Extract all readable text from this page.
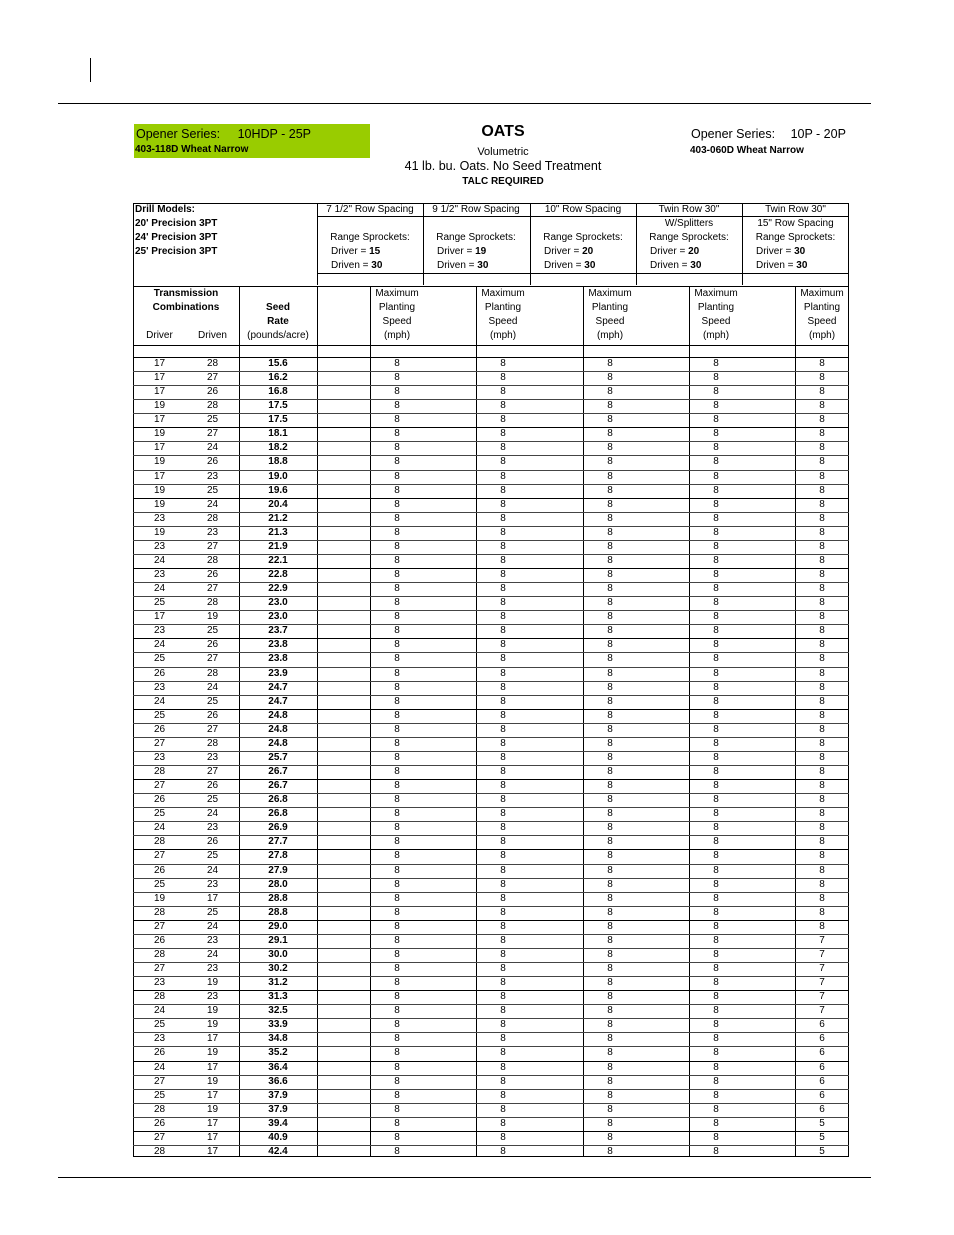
Opener Series: 10HDP - 25P
403-118D Wheat Narrow
OATS
Volumetric
41 lb. bu. Oats. No Seed Treatment
TALC REQUIRED
Opener Series: 10P - 20P
403-060D Wheat Narrow
Drill Models:
20' Precision 3PT
24' Precision 3PT
25' Precision 3PT
7 1/2" Row Spacing
Range Sprockets:
Driver = 15
Driven = 30
9 1/2" Row Spacing
Range Sprockets:
Driver = 19
Driven = 30
10" Row Spacing
Range Sprockets:
Driver = 20
Driven = 30
Twin Row 30"
W/Splitters
Range Sprockets:
Driver = 20
Driven = 30
Twin Row 30"
15" Row Spacing
Range Sprockets:
Driver = 30
Driven = 30
Transmission
Combinations
Driver	Driven
Seed
Rate
(pounds/acre)
Maximum
Planting
Speed
(mph)
Maximum
Planting
Speed
(mph)
Maximum
Planting
Speed
(mph)
Maximum
Planting
Speed
(mph)
Maximum
Planting
Speed
(mph)
17	28	15.6	8	8	8	8	8
17	27	16.2	8	8	8	8	8
17	26	16.8	8	8	8	8	8
19	28	17.5	8	8	8	8	8
17	25	17.5	8	8	8	8	8
19	27	18.1	8	8	8	8	8
17	24	18.2	8	8	8	8	8
19	26	18.8	8	8	8	8	8
17	23	19.0	8	8	8	8	8
19	25	19.6	8	8	8	8	8
19	24	20.4	8	8	8	8	8
23	28	21.2	8	8	8	8	8
19	23	21.3	8	8	8	8	8
23	27	21.9	8	8	8	8	8
24	28	22.1	8	8	8	8	8
23	26	22.8	8	8	8	8	8
24	27	22.9	8	8	8	8	8
25	28	23.0	8	8	8	8	8
17	19	23.0	8	8	8	8	8
23	25	23.7	8	8	8	8	8
24	26	23.8	8	8	8	8	8
25	27	23.8	8	8	8	8	8
26	28	23.9	8	8	8	8	8
23	24	24.7	8	8	8	8	8
24	25	24.7	8	8	8	8	8
25	26	24.8	8	8	8	8	8
26	27	24.8	8	8	8	8	8
27	28	24.8	8	8	8	8	8
23	23	25.7	8	8	8	8	8
28	27	26.7	8	8	8	8	8
27	26	26.7	8	8	8	8	8
26	25	26.8	8	8	8	8	8
25	24	26.8	8	8	8	8	8
24	23	26.9	8	8	8	8	8
28	26	27.7	8	8	8	8	8
27	25	27.8	8	8	8	8	8
26	24	27.9	8	8	8	8	8
25	23	28.0	8	8	8	8	8
19	17	28.8	8	8	8	8	8
28	25	28.8	8	8	8	8	8
27	24	29.0	8	8	8	8	8
26	23	29.1	8	8	8	8	7
28	24	30.0	8	8	8	8	7
27	23	30.2	8	8	8	8	7
23	19	31.2	8	8	8	8	7
28	23	31.3	8	8	8	8	7
24	19	32.5	8	8	8	8	7
25	19	33.9	8	8	8	8	6
23	17	34.8	8	8	8	8	6
26	19	35.2	8	8	8	8	6
24	17	36.4	8	8	8	8	6
27	19	36.6	8	8	8	8	6
25	17	37.9	8	8	8	8	6
28	19	37.9	8	8	8	8	6
26	17	39.4	8	8	8	8	5
27	17	40.9	8	8	8	8	5
28	17	42.4	8	8	8	8	5
